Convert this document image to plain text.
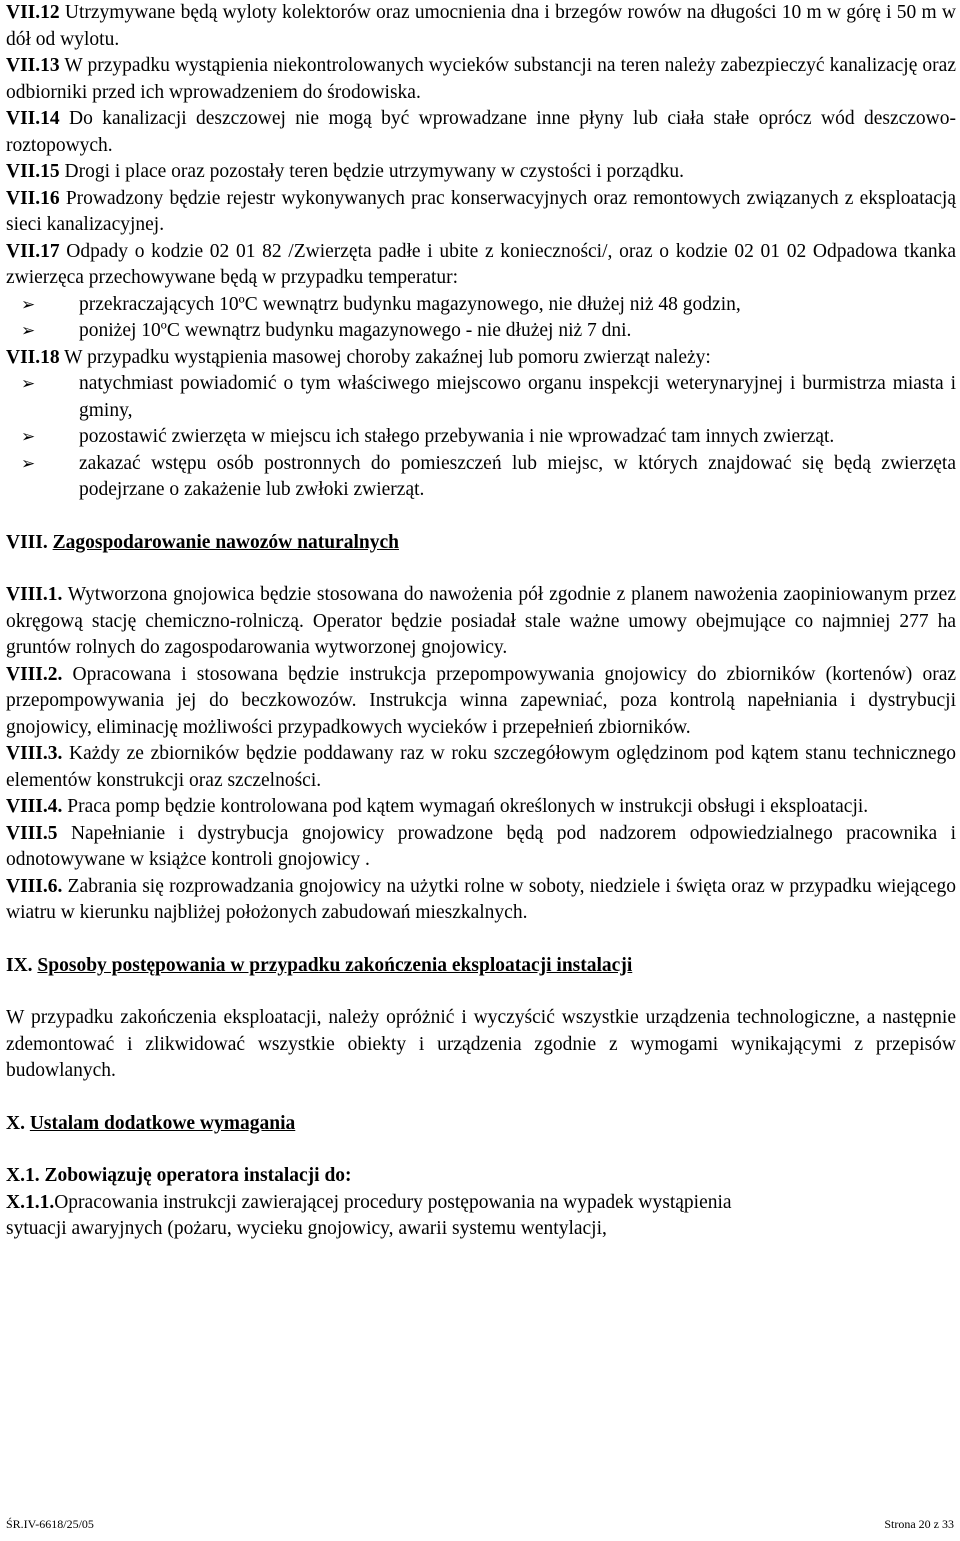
VII.12 Utrzymywane będą wyloty kolektorów oraz umocnienia dna i brzegów rowów na długości 10 m w górę i 50 m w dół od wylotu.

VII.13 W przypadku wystąpienia niekontrolowanych wycieków substancji na teren należy zabezpieczyć kanalizację oraz odbiorniki przed ich wprowadzeniem do środowiska.

VII.14 Do kanalizacji deszczowej nie mogą być wprowadzane inne płyny lub ciała stałe oprócz wód deszczowo-roztopowych.

VII.15 Drogi i place oraz pozostały teren będzie utrzymywany w czystości i porządku.

VII.16 Prowadzony będzie rejestr wykonywanych prac konserwacyjnych oraz remontowych związanych z eksploatacją sieci kanalizacyjnej.

VII.17 Odpady o kodzie 02 01 82 /Zwierzęta padłe i ubite z konieczności/, oraz o kodzie 02 01 02 Odpadowa tkanka zwierzęca przechowywane będą w przypadku temperatur:

➢ przekraczających 10ºC wewnątrz budynku magazynowego, nie dłużej niż 48 godzin,
➢ poniżej 10ºC wewnątrz budynku magazynowego - nie dłużej niż 7 dni.

VII.18 W przypadku wystąpienia masowej choroby zakaźnej lub pomoru zwierząt należy:

➢ natychmiast powiadomić o tym właściwego miejscowo organu inspekcji weterynaryjnej i burmistrza miasta i gminy,
➢ pozostawić zwierzęta w miejscu ich stałego przebywania i nie wprowadzać tam innych zwierząt.
➢ zakazać wstępu osób postronnych do pomieszczeń lub miejsc, w których znajdować się będą zwierzęta podejrzane o zakażenie lub zwłoki zwierząt.

VIII. Zagospodarowanie nawozów naturalnych

VIII.1. Wytworzona gnojowica będzie stosowana do nawożenia pół zgodnie z planem nawożenia zaopiniowanym przez okręgową stację chemiczno-rolniczą. Operator będzie posiadał stale ważne umowy obejmujące co najmniej 277 ha gruntów rolnych do zagospodarowania wytworzonej gnojowicy.

VIII.2. Opracowana i stosowana będzie instrukcja przepompowywania gnojowicy do zbiorników (kortenów) oraz przepompowywania jej do beczkowozów. Instrukcja winna zapewniać, poza kontrolą napełniania i dystrybucji gnojowicy, eliminację możliwości przypadkowych wycieków i przepełnień zbiorników.

VIII.3. Każdy ze zbiorników będzie poddawany raz w roku szczegółowym oględzinom pod kątem stanu technicznego elementów konstrukcji oraz szczelności.

VIII.4. Praca pomp będzie kontrolowana pod kątem wymagań określonych w instrukcji obsługi i eksploatacji.

VIII.5 Napełnianie i dystrybucja gnojowicy prowadzone będą pod nadzorem odpowiedzialnego pracownika i odnotowywane w książce kontroli gnojowicy .

VIII.6. Zabrania się rozprowadzania gnojowicy na użytki rolne w soboty, niedziele i święta oraz w przypadku wiejącego wiatru w kierunku najbliżej położonych zabudowań mieszkalnych.

IX. Sposoby postępowania w przypadku zakończenia eksploatacji instalacji

W przypadku zakończenia eksploatacji, należy opróżnić i wyczyścić wszystkie urządzenia technologiczne, a następnie zdemontować i zlikwidować wszystkie obiekty i urządzenia zgodnie z wymogami wynikającymi z przepisów budowlanych.

X. Ustalam dodatkowe wymagania

X.1. Zobowiązuję operatora instalacji do:

X.1.1.Opracowania instrukcji zawierającej procedury postępowania na wypadek wystąpienia
sytuacji awaryjnych (pożaru, wycieku gnojowicy, awarii systemu wentylacji,

ŚR.IV-6618/25/05	Strona 20 z 33
